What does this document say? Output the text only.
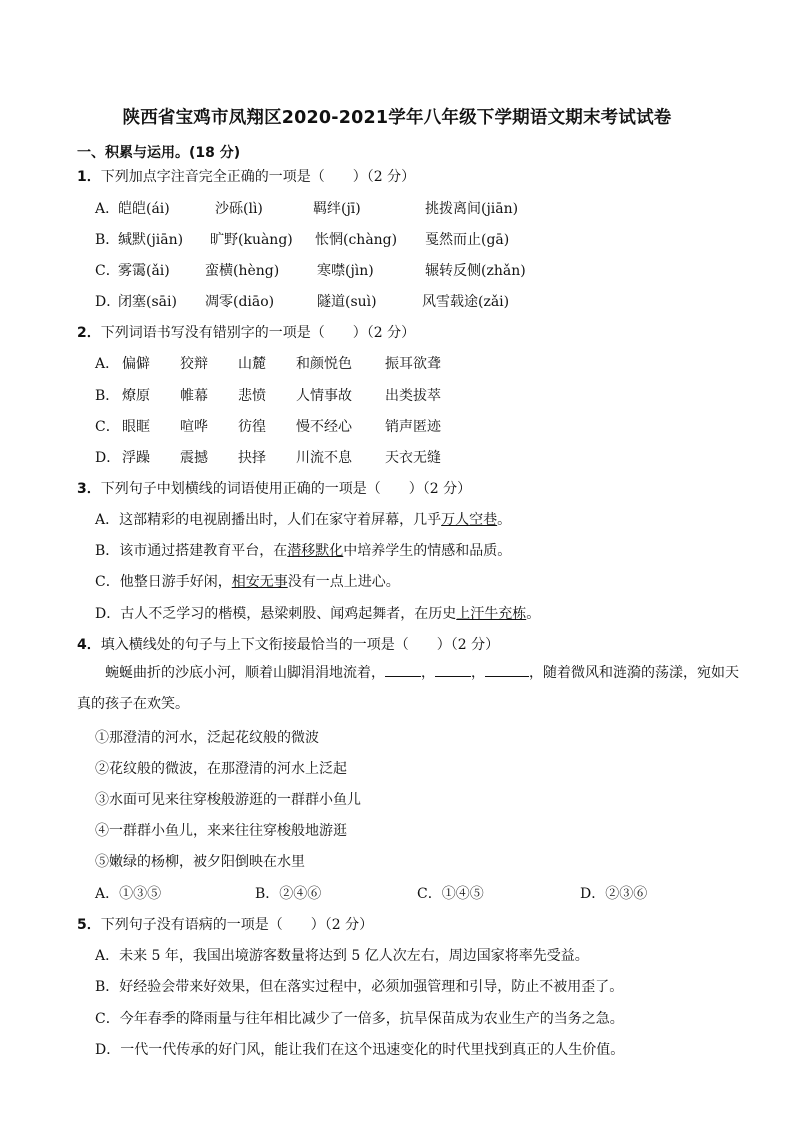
陕西省宝鸡市凤翔区2020-2021学年八年级下学期语文期末考试试卷
一、积累与运用。(18 分)
1．下列加点字注音完全正确的一项是（　　）（2 分）
A．
皑皑(ái)	沙砾(lì)	羁绊(jī)	挑拨离间(jiān)
B．
缄默(jiān) 旷野(kuàng) 怅惘(chàng) 戛然而止(gā)
C．
雾霭(ǎi)	蛮横(hèng)	寒噤(jìn)	辗转反侧(zhǎn)
D．
闭塞(sāi) 凋零(diāo)	隧道(suì)	风雪载途(zǎi)
2．下列词语书写没有错别字的一项是（　　）（2 分）
A． 偏僻 狡辩 山麓 和颜悦色 振耳欲聋
B． 燎原 帷幕 悲愤 人情事故 出类拔萃
C． 眼眶 喧哗 彷徨 慢不经心 销声匿迹
D． 浮躁 震撼 抉择 川流不息 天衣无缝
3．下列句子中划横线的词语使用正确的一项是（　　）（2 分）
A．这部精彩的电视剧播出时，人们在家守着屏幕，几乎万人空巷。
B．该市通过搭建教育平台，在潜移默化中培养学生的情感和品质。
C．他整日游手好闲，相安无事没有一点上进心。
D．古人不乏学习的楷模，悬梁刺股、闻鸡起舞者，在历史上汗牛充栋。
4．填入横线处的句子与上下文衔接最恰当的一项是（　　）（2 分）
蜿蜒曲折的沙底小河，顺着山脚涓涓地流着，	，	，	，随着微风和涟漪的荡漾，宛如天真的孩子在欢笑。
①那澄清的河水，泛起花纹般的微波
②花纹般的微波，在那澄清的河水上泛起
③水面可见来往穿梭般游逛的一群群小鱼儿
④一群群小鱼儿，来来往往穿梭般地游逛
⑤嫩绿的杨柳，被夕阳倒映在水里
A．①③⑤	B．②④⑥	C．①④⑤	D．②③⑥
5．下列句子没有语病的一项是（　　）（2 分）
A．未来 5 年，我国出境游客数量将达到 5 亿人次左右，周边国家将率先受益。
B．好经验会带来好效果，但在落实过程中，必须加强管理和引导，防止不被用歪了。
C．今年春季的降雨量与往年相比减少了一倍多，抗旱保苗成为农业生产的当务之急。
D．一代一代传承的好门风，能让我们在这个迅速变化的时代里找到真正的人生价值。
